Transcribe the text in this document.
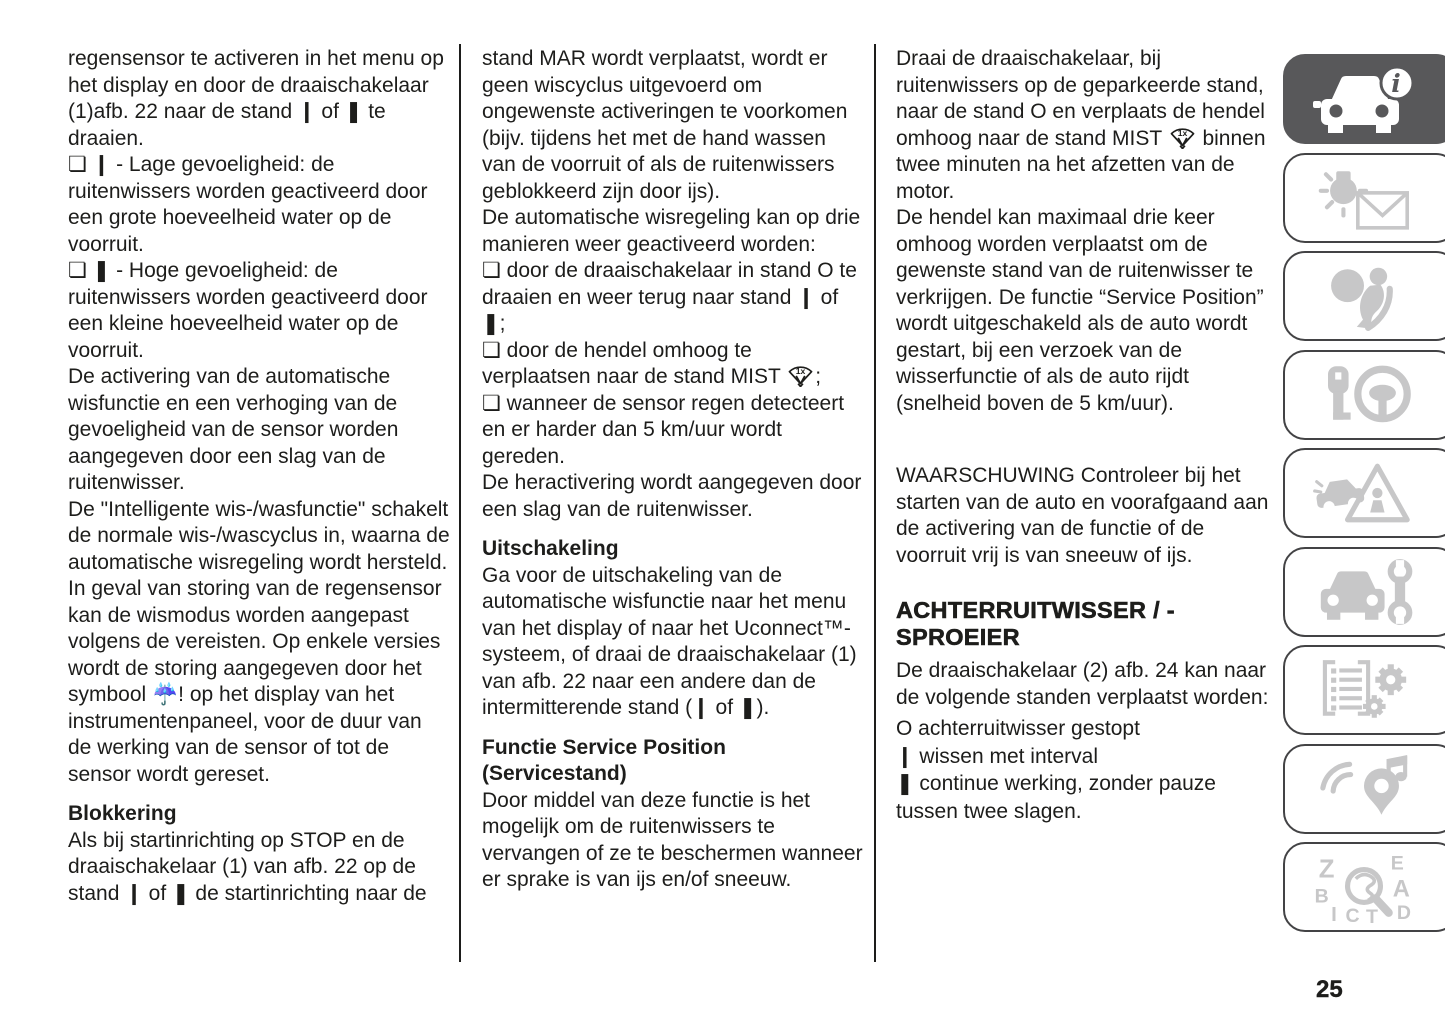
regensensor te activeren in het menu op het display en door de draaischakelaar (1)afb. 22 naar de stand ❙ of ❚ te draaien.

❏ ❙ - Lage gevoeligheid: de ruitenwissers worden geactiveerd door een grote hoeveelheid water op de voorruit.

❏ ❚ - Hoge gevoeligheid: de ruitenwissers worden geactiveerd door een kleine hoeveelheid water op de voorruit.

De activering van de automatische wisfunctie en een verhoging van de gevoeligheid van de sensor worden aangegeven door een slag van de ruitenwisser.

De "Intelligente wis-/wasfunctie" schakelt de normale wis-/wascyclus in, waarna de automatische wisregeling wordt hersteld.

In geval van storing van de regensensor kan de wismodus worden aangepast volgens de vereisten. Op enkele versies wordt de storing aangegeven door het symbool ☔! op het display van het instrumentenpaneel, voor de duur van de werking van de sensor of tot de sensor wordt gereset.

Blokkering

Als bij startinrichting op STOP en de draaischakelaar (1) van afb. 22 op de stand ❙ of ❚ de startinrichting naar de

stand MAR wordt verplaatst, wordt er geen wiscyclus uitgevoerd om ongewenste activeringen te voorkomen (bijv. tijdens het met de hand wassen van de voorruit of als de ruitenwissers geblokkeerd zijn door ijs).

De automatische wisregeling kan op drie manieren weer geactiveerd worden:

❏ door de draaischakelaar in stand O te draaien en weer terug naar stand ❙ of ❚;

❏ door de hendel omhoog te verplaatsen naar de stand MIST 1x ;

❏ wanneer de sensor regen detecteert en er harder dan 5 km/uur wordt gereden.

De heractivering wordt aangegeven door een slag van de ruitenwisser.

Uitschakeling

Ga voor de uitschakeling van de automatische wisfunctie naar het menu van het display of naar het Uconnect™-systeem, of draai de draaischakelaar (1) van afb. 22 naar een andere dan de intermitterende stand (❙ of ❚).

Functie Service Position (Servicestand)

Door middel van deze functie is het mogelijk om de ruitenwissers te vervangen of ze te beschermen wanneer er sprake is van ijs en/of sneeuw.

Draai de draaischakelaar, bij ruitenwissers op de geparkeerde stand, naar de stand O en verplaats de hendel omhoog naar de stand MIST 1x binnen twee minuten na het afzetten van de motor.

De hendel kan maximaal drie keer omhoog worden verplaatst om de gewenste stand van de ruitenwisser te verkrijgen. De functie “Service Position” wordt uitgeschakeld als de auto wordt gestart, bij een verzoek van de wisserfunctie of als de auto rijdt (snelheid boven de 5 km/uur).

WAARSCHUWING Controleer bij het starten van de auto en voorafgaand aan de activering van de functie of de voorruit vrij is van sneeuw of ijs.

ACHTERRUITWISSER / -
SPROEIER

De draaischakelaar (2) afb. 24 kan naar de volgende standen verplaatst worden:

O achterruitwisser gestopt

❙ wissen met interval

❚ continue werking, zonder pauze tussen twee slagen.

i
Z	E
B	A
I C T D
25
